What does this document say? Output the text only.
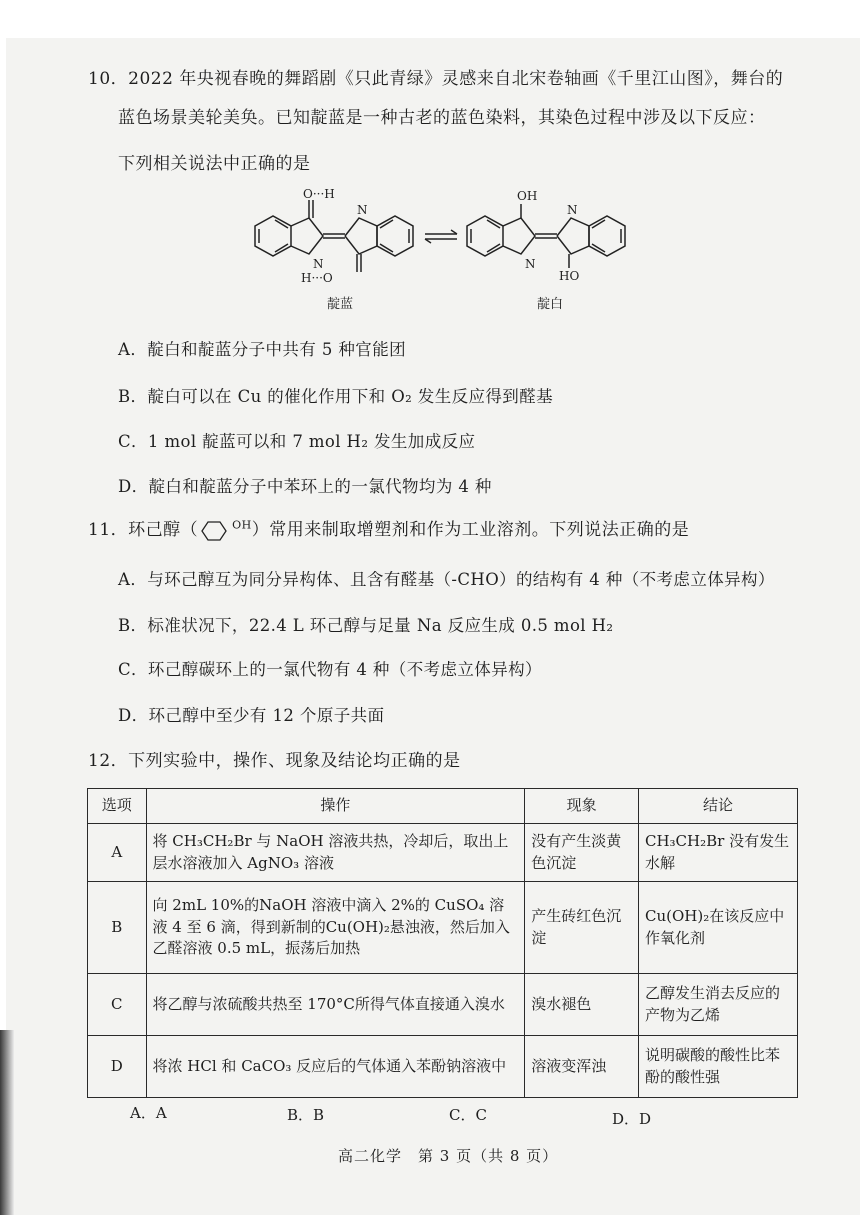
10．2022 年央视春晚的舞蹈剧《只此青绿》灵感来自北宋卷轴画《千里江山图》，舞台的
蓝色场景美轮美奂。已知靛蓝是一种古老的蓝色染料，其染色过程中涉及以下反应：
下列相关说法中正确的是
O···H
H···O
N
N
靛蓝
OH
HO
N
N
靛白
A．靛白和靛蓝分子中共有 5 种官能团
B．靛白可以在 Cu 的催化作用下和 O₂ 发生反应得到醛基
C．1 mol 靛蓝可以和 7 mol H₂ 发生加成反应
D．靛白和靛蓝分子中苯环上的一氯代物均为 4 种
11．环己醇（	$^{OH}$）常用来制取增塑剂和作为工业溶剂。下列说法正确的是
A．与环己醇互为同分异构体、且含有醛基（-CHO）的结构有 4 种（不考虑立体异构）
B．标准状况下，22.4 L 环己醇与足量 Na 反应生成 0.5 mol H₂
C．环己醇碳环上的一氯代物有 4 种（不考虑立体异构）
D．环己醇中至少有 12 个原子共面
12．下列实验中，操作、现象及结论均正确的是
选项	操作	现象	结论
A	将 CH₃CH₂Br 与 NaOH 溶液共热，冷却后，取出上层水溶液加入 AgNO₃ 溶液	没有产生淡黄色沉淀	CH₃CH₂Br 没有发生水解
B	向 2mL 10%的NaOH 溶液中滴入 2%的 CuSO₄ 溶液 4 至 6 滴，得到新制的Cu(OH)₂悬浊液，然后加入乙醛溶液 0.5 mL，振荡后加热	产生砖红色沉淀	Cu(OH)₂在该反应中作氧化剂
C	将乙醇与浓硫酸共热至 170°C所得气体直接通入溴水	溴水褪色	乙醇发生消去反应的产物为乙烯
D	将浓 HCl 和 CaCO₃ 反应后的气体通入苯酚钠溶液中	溶液变浑浊	说明碳酸的酸性比苯酚的酸性强
A．A	B．B	C．C	D．D
高二化学　第 3 页（共 8 页）
